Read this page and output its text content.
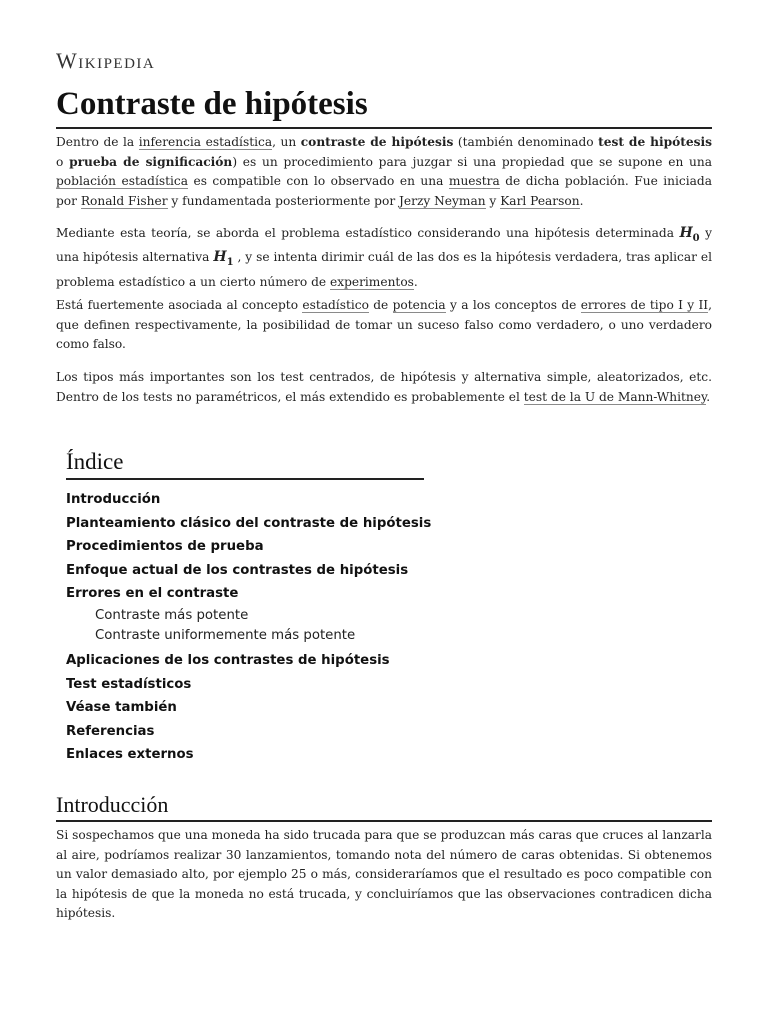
Wikipedia
Contraste de hipótesis

Dentro de la inferencia estadística, un contraste de hipótesis (también denominado test de hipótesis o prueba de significación) es un procedimiento para juzgar si una propiedad que se supone en una población estadística es compatible con lo observado en una muestra de dicha población. Fue iniciada por Ronald Fisher y fundamentada posteriormente por Jerzy Neyman y Karl Pearson.

Mediante esta teoría, se aborda el problema estadístico considerando una hipótesis determinada $H_0$ y una hipótesis alternativa $H_1$ , y se intenta dirimir cuál de las dos es la hipótesis verdadera, tras aplicar el problema estadístico a un cierto número de experimentos.

Está fuertemente asociada al concepto estadístico de potencia y a los conceptos de errores de tipo I y II, que definen respectivamente, la posibilidad de tomar un suceso falso como verdadero, o uno verdadero como falso.

Los tipos más importantes son los test centrados, de hipótesis y alternativa simple, aleatorizados, etc. Dentro de los tests no paramétricos, el más extendido es probablemente el test de la U de Mann-Whitney.

Índice
Introducción
Planteamiento clásico del contraste de hipótesis
Procedimientos de prueba
Enfoque actual de los contrastes de hipótesis
Errores en el contraste
Contraste más potente
Contraste uniformemente más potente
Aplicaciones de los contrastes de hipótesis
Test estadísticos
Véase también
Referencias
Enlaces externos
Introducción

Si sospechamos que una moneda ha sido trucada para que se produzcan más caras que cruces al lanzarla al aire, podríamos realizar 30 lanzamientos, tomando nota del número de caras obtenidas. Si obtenemos un valor demasiado alto, por ejemplo 25 o más, consideraríamos que el resultado es poco compatible con la hipótesis de que la moneda no está trucada, y concluiríamos que las observaciones contradicen dicha hipótesis.
